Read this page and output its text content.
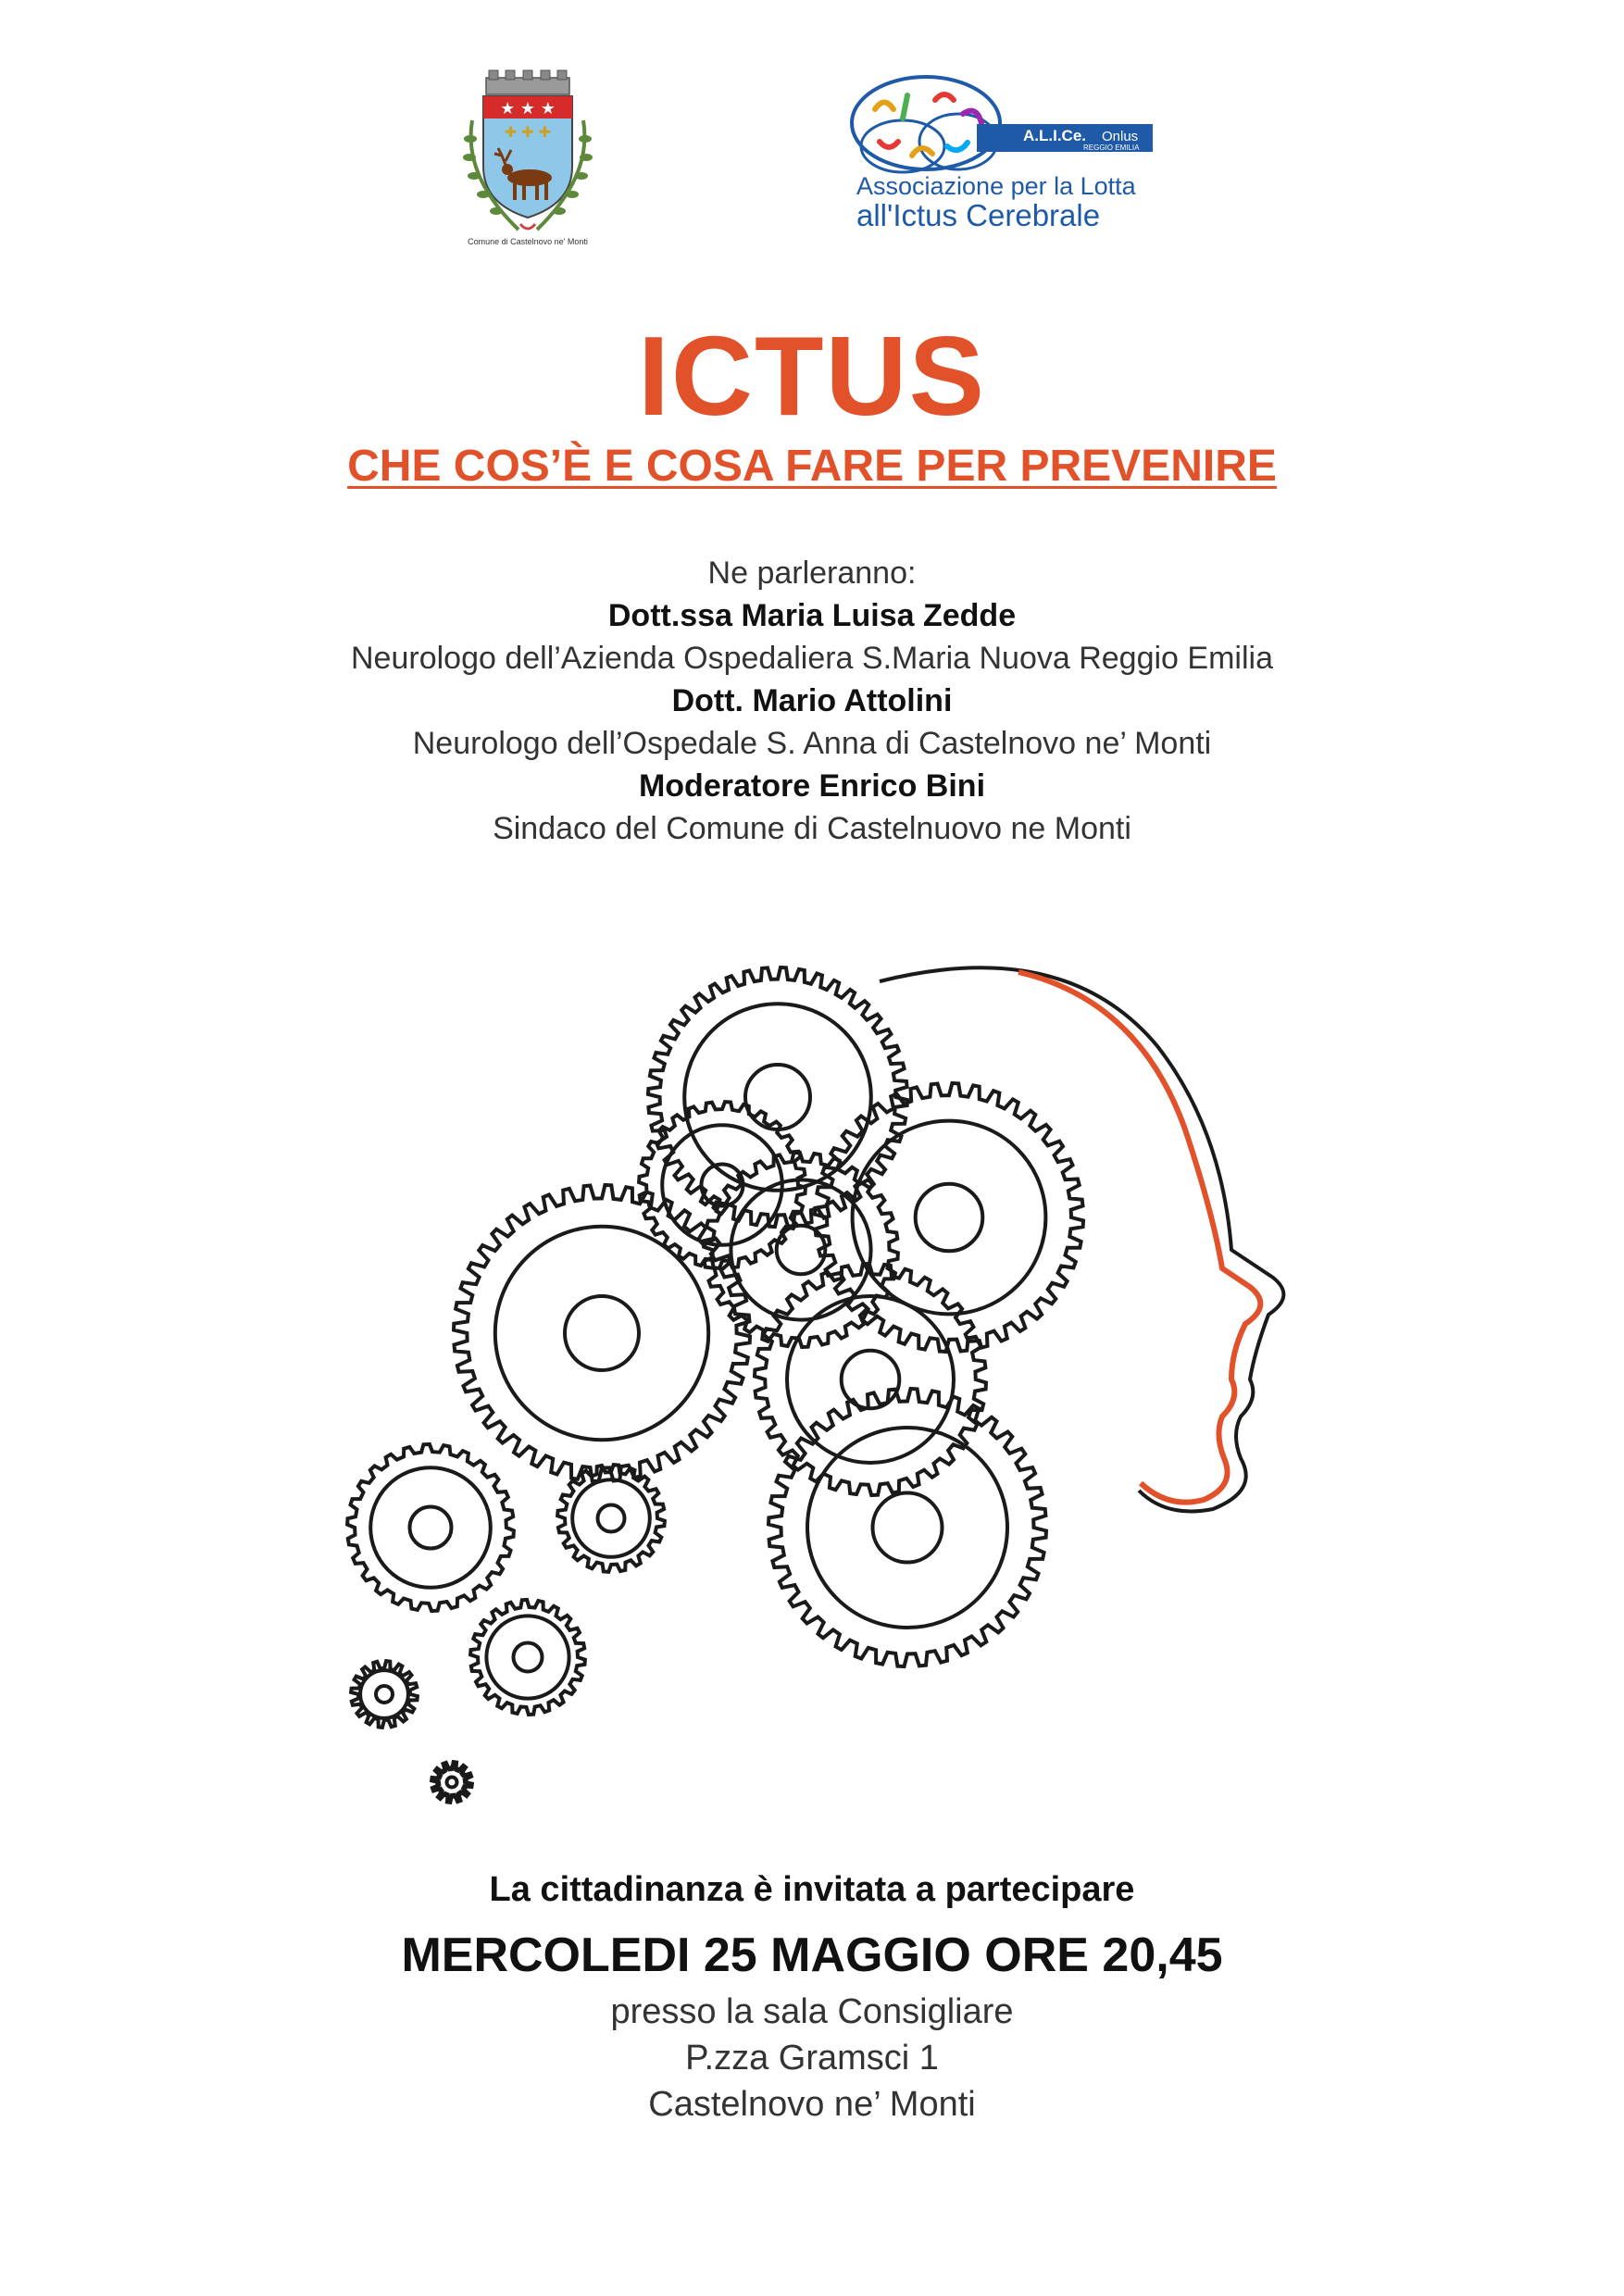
★ ★ ★
✚ ✚ ✚
Comune di Castelnovo ne' Monti
A.L.I.Ce. Onlus
REGGIO EMILIA
Associazione per la Lotta
all'Ictus Cerebrale
ICTUS
CHE COS’È E COSA FARE PER PREVENIRE
Ne parleranno:
Dott.ssa Maria Luisa Zedde
Neurologo dell’Azienda Ospedaliera S.Maria Nuova Reggio Emilia
Dott. Mario Attolini
Neurologo dell’Ospedale S. Anna di Castelnovo ne’ Monti
Moderatore Enrico Bini
Sindaco del Comune di Castelnuovo ne Monti
La cittadinanza è invitata a partecipare
MERCOLEDI 25 MAGGIO ORE 20,45
presso la sala Consigliare
P.zza Gramsci 1
Castelnovo ne’ Monti
